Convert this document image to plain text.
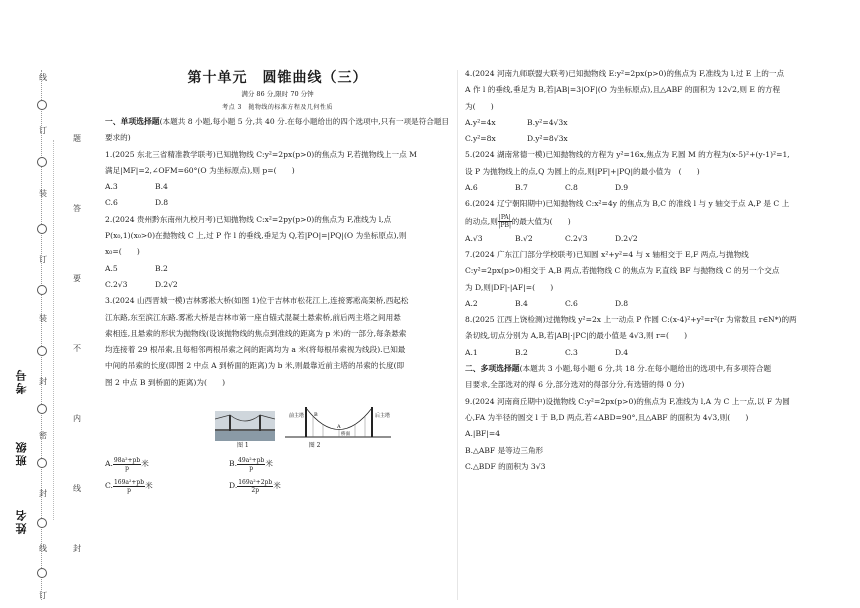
线
订
装
订
装
封
密
封
线
订
题
答
要
不
内
线
封
考号
班级
姓名
第十单元　圆锥曲线（三）
满分 86 分,限时 70 分钟
考点 3　抛物线的标准方程及几何性质

一、单项选择题(本题共 8 小题,每小题 5 分,共 40 分.在每小题给出的四个选项中,只有一项是符合题目要求的)

1.(2025 东北三省精准教学联考)已知抛物线 C:y²=2px(p>0)的焦点为 F,若抛物线上一点 M

满足|MF|=2,∠OFM=60°(O 为坐标原点),则 p=(　　)

A.3	B.4
C.6	D.8

2.(2024 贵州黔东南州九校月考)已知抛物线 C:x²=2py(p>0)的焦点为 F,准线为 l,点

P(x₀,1)(x₀>0)在抛物线 C 上,过 P 作 l 的垂线,垂足为 Q,若|PO|=|PQ|(O 为坐标原点),则

x₀=(　　)

A.5	B.2
C.2√3	D.2√2

3.(2024 山西晋城一模)吉林雾凇大桥(如图 1)位于吉林市松花江上,连接雾凇高架桥,西起松

江东路,东至滨江东路.雾凇大桥是吉林市第一座自锚式混凝土悬索桥,前后两主塔之间用悬

索相连,且悬索的形状为抛物线(设该抛物线的焦点到准线的距离为 p 米)的一部分,每条悬索

均连接着 29 根吊索,且每相邻两根吊索之间的距离均为 a 米(将每根吊索视为线段).已知最

中间的吊索的长度(即图 2 中点 A 到桥面的距离)为 b 米,则最靠近前主塔的吊索的长度(即

图 2 中点 B 到桥面的距离)为(　　)

前主塔	后主塔
桥面
A
B
图 1	图 2
A. $\frac{\text{98a²+pb}}{p}$ 米	B. $\frac{\text{49a²+pb}}{p}$ 米
C. $\frac{\text{169a²+pb}}{p}$ 米	D. $\frac{\text{169a²+2pb}}{2p}$ 米

4.(2024 河南九师联盟大联考)已知抛物线 E:y²=2px(p>0)的焦点为 F,准线为 l,过 E 上的一点

A 作 l 的垂线,垂足为 B,若|AB|=3|OF|(O 为坐标原点),且△ABF 的面积为 12√2,则 E 的方程

为(　　)

A.y²=4x	B.y²=4√3x
C.y²=8x	D.y²=8√3x

5.(2024 湖南常德一模)已知抛物线的方程为 y²=16x,焦点为 F,圆 M 的方程为(x-5)²+(y-1)²=1,

设 P 为抛物线上的点,Q 为圆上的点,则|PF|+|PQ|的最小值为　(　　)

A.6	B.7	C.8	D.9

6.(2024 辽宁朝阳期中)已知抛物线 C:x²=4y 的焦点为 B,C 的准线 l 与 y 轴交于点 A,P 是 C 上

的动点,则 $\frac{|PA|}{|PB|}$ 的最大值为(　　)

A.√3	B.√2	C.2√3	D.2√2

7.(2024 广东江门部分学校联考)已知圆 x²+y²=4 与 x 轴相交于 E,F 两点,与抛物线

C:y²=2px(p>0)相交于 A,B 两点,若抛物线 C 的焦点为 F,直线 BF 与抛物线 C 的另一个交点

为 D,则|DF|-|AF|=(　　)

A.2	B.4	C.6	D.8

8.(2025 江西上饶检测)过抛物线 y²=2x 上一动点 P 作圆 C:(x-4)²+y²=r²(r 为常数且 r∈N*)的两

条切线,切点分别为 A,B,若|AB|·|PC|的最小值是 4√3,则 r=(　　)

A.1	B.2	C.3	D.4

二、多项选择题(本题共 3 小题,每小题 6 分,共 18 分.在每小题给出的选项中,有多项符合题

目要求,全部选对的得 6 分,部分选对的得部分分,有选错的得 0 分)

9.(2024 河南商丘期中)设抛物线 C:y²=2px(p>0)的焦点为 F,准线为 l,A 为 C 上一点,以 F 为圆

心,FA 为半径的圆交 l 于 B,D 两点,若∠ABD=90°,且△ABF 的面积为 4√3,则(　　)

A.|BF|=4

B.△ABF 是等边三角形

C.△BDF 的面积为 3√3
